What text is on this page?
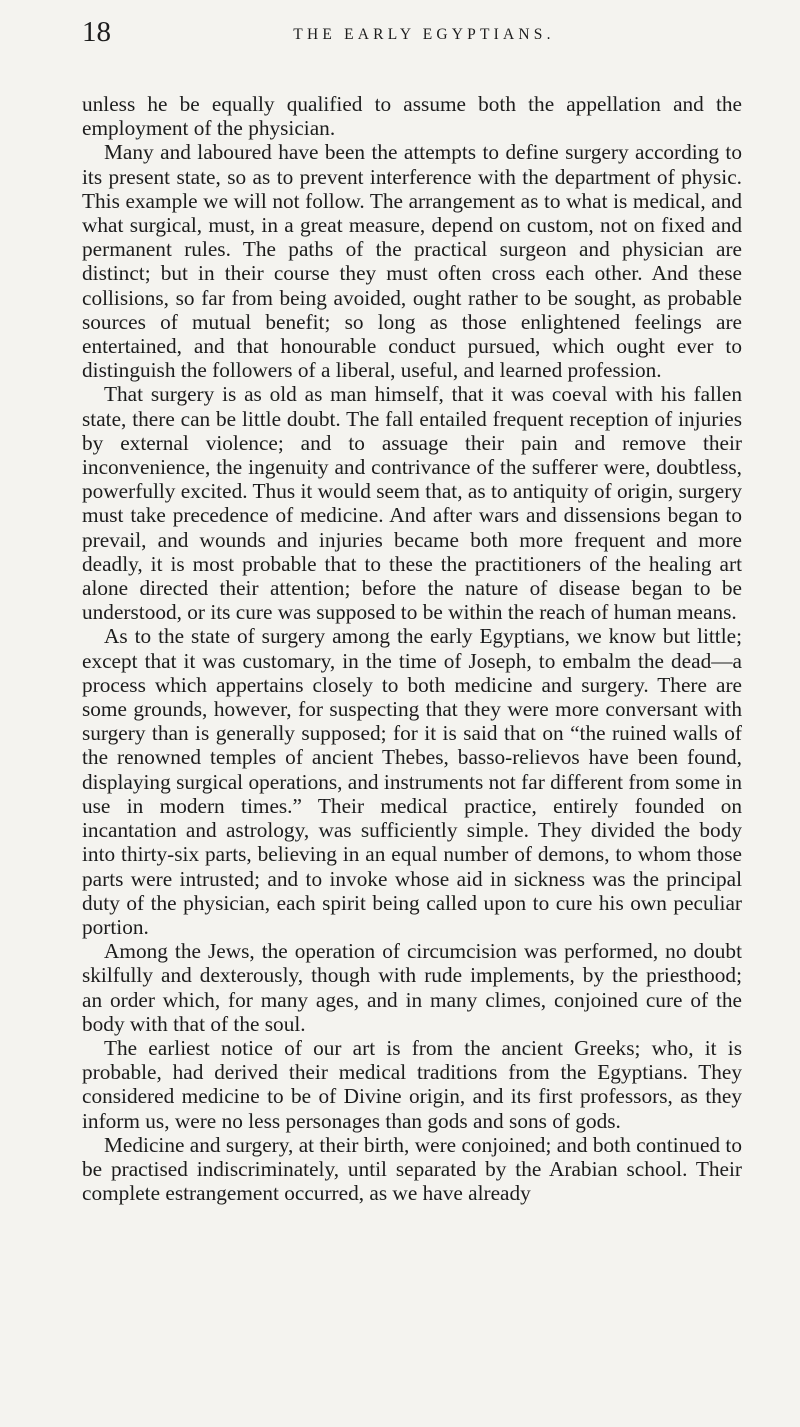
18	THE EARLY EGYPTIANS.

unless he be equally qualified to assume both the appellation and the employment of the physician.

Many and laboured have been the attempts to define surgery according to its present state, so as to prevent interference with the department of physic. This example we will not follow. The arrangement as to what is medical, and what surgical, must, in a great measure, depend on custom, not on fixed and permanent rules. The paths of the practical surgeon and physician are distinct; but in their course they must often cross each other. And these collisions, so far from being avoided, ought rather to be sought, as probable sources of mutual benefit; so long as those enlightened feelings are entertained, and that honourable conduct pursued, which ought ever to distinguish the followers of a liberal, useful, and learned profession.

That surgery is as old as man himself, that it was coeval with his fallen state, there can be little doubt. The fall entailed frequent reception of injuries by external violence; and to assuage their pain and remove their inconvenience, the ingenuity and contrivance of the sufferer were, doubtless, powerfully excited. Thus it would seem that, as to antiquity of origin, surgery must take precedence of medicine. And after wars and dissensions began to prevail, and wounds and injuries became both more frequent and more deadly, it is most probable that to these the practitioners of the healing art alone directed their attention; before the nature of disease began to be understood, or its cure was supposed to be within the reach of human means.

As to the state of surgery among the early Egyptians, we know but little; except that it was customary, in the time of Joseph, to embalm the dead—a process which appertains closely to both medicine and surgery. There are some grounds, however, for suspecting that they were more conversant with surgery than is generally supposed; for it is said that on “the ruined walls of the renowned temples of ancient Thebes, basso-relievos have been found, displaying surgical operations, and instruments not far different from some in use in modern times.” Their medical practice, entirely founded on incantation and astrology, was sufficiently simple. They divided the body into thirty-six parts, believing in an equal number of demons, to whom those parts were intrusted; and to invoke whose aid in sickness was the principal duty of the physician, each spirit being called upon to cure his own peculiar portion.

Among the Jews, the operation of circumcision was performed, no doubt skilfully and dexterously, though with rude implements, by the priesthood; an order which, for many ages, and in many climes, conjoined cure of the body with that of the soul.

The earliest notice of our art is from the ancient Greeks; who, it is probable, had derived their medical traditions from the Egyptians. They considered medicine to be of Divine origin, and its first professors, as they inform us, were no less personages than gods and sons of gods.

Medicine and surgery, at their birth, were conjoined; and both continued to be practised indiscriminately, until separated by the Arabian school. Their complete estrangement occurred, as we have already
